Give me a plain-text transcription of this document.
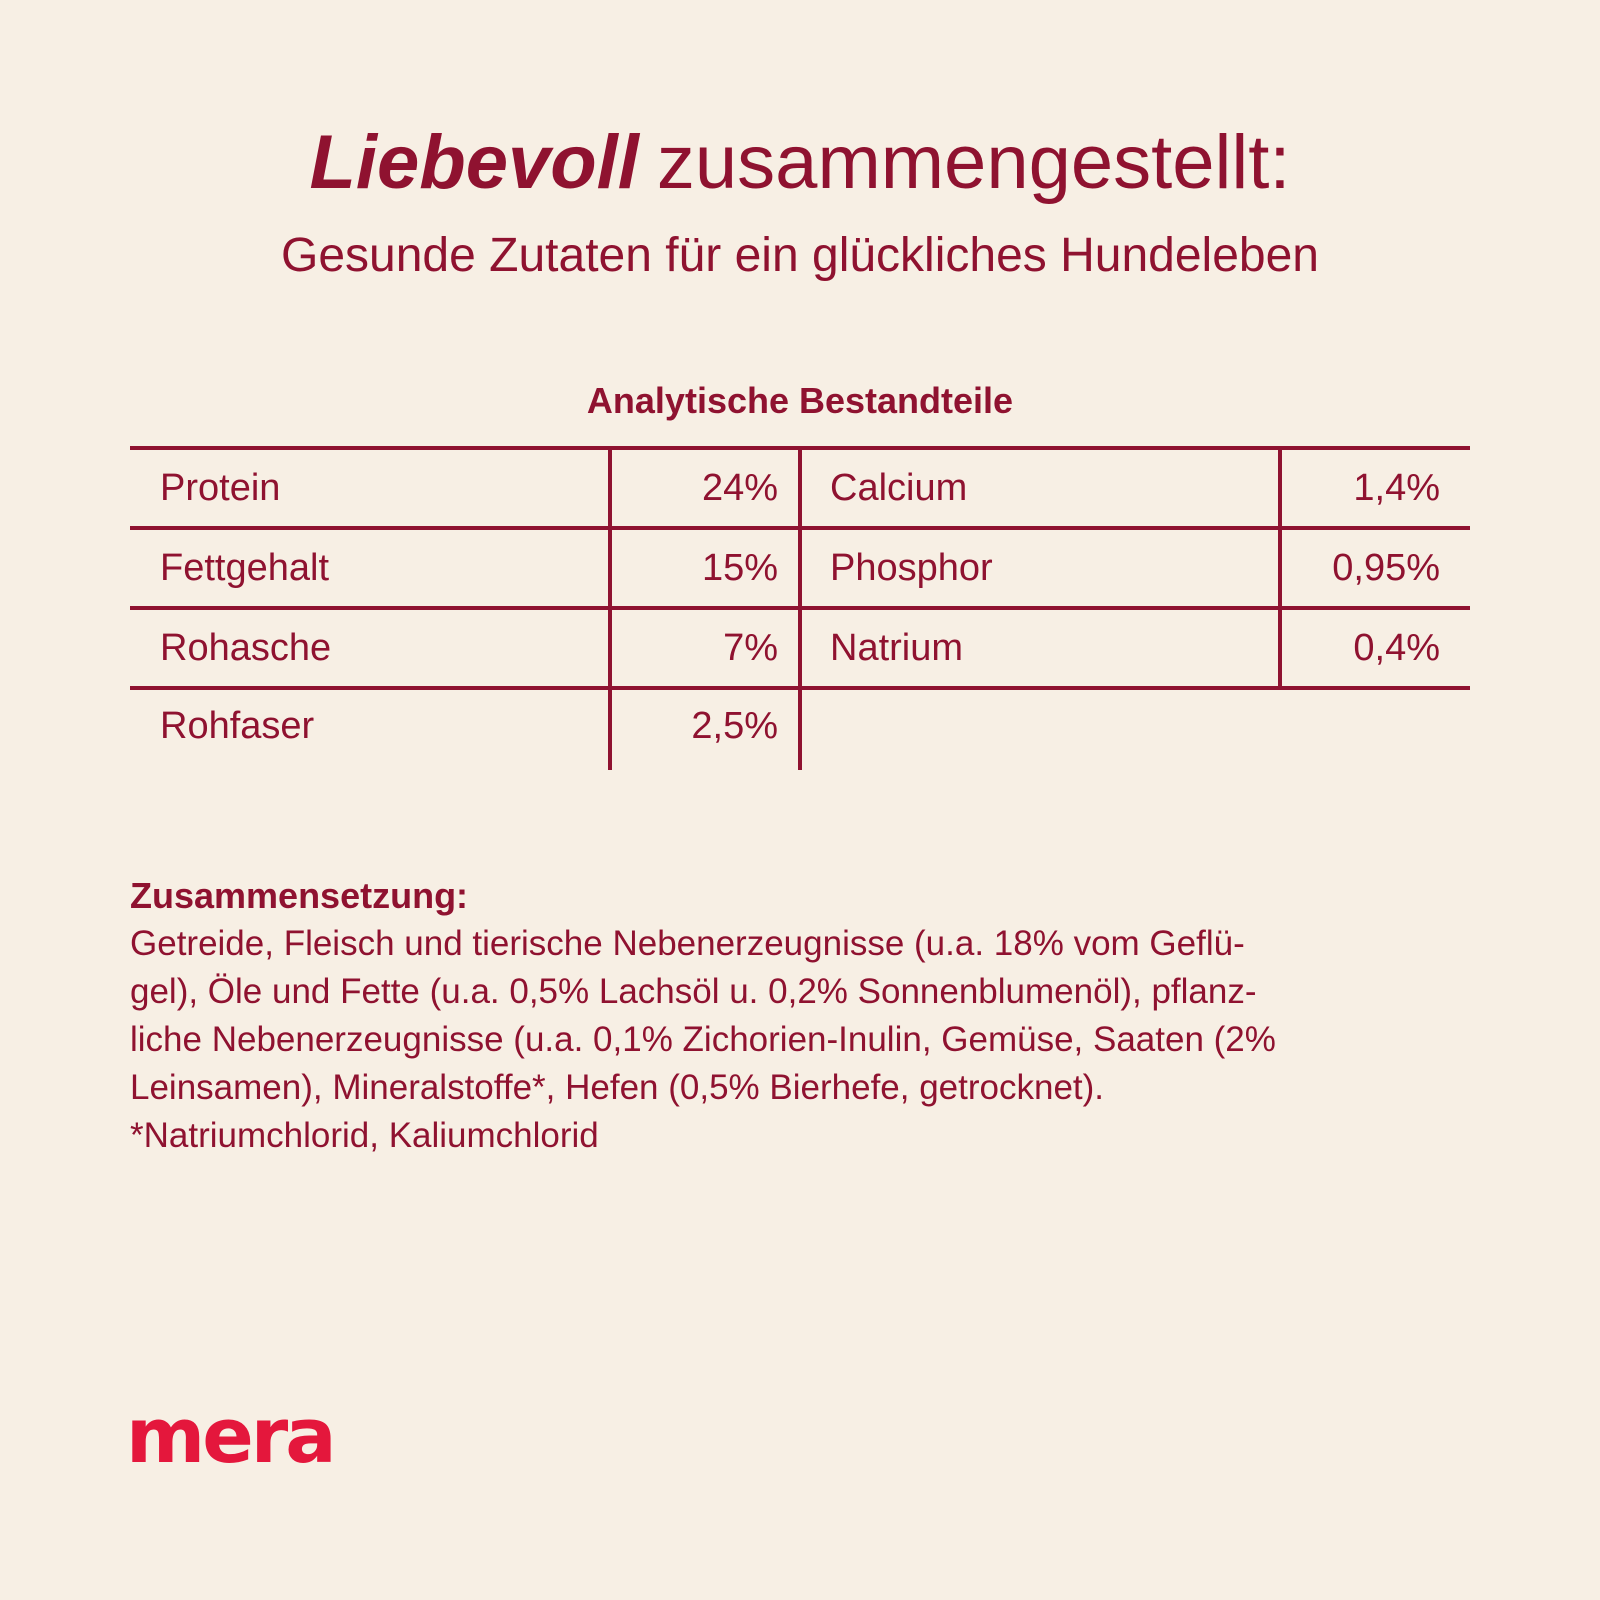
Liebevoll zusammengestellt:
Gesunde Zutaten für ein glückliches Hundeleben
Analytische Bestandteile
Protein	24%
Fettgehalt	15%
Rohasche	7%
Rohfaser	2,5%
Calcium	1,4%
Phosphor	0,95%
Natrium	0,4%
Zusammensetzung:

Getreide, Fleisch und tierische Nebenerzeugnisse (u.a. 18% vom Geflü-

gel), Öle und Fette (u.a. 0,5% Lachsöl u. 0,2% Sonnenblumenöl), pflanz-

liche Nebenerzeugnisse (u.a. 0,1% Zichorien-Inulin, Gemüse, Saaten (2%

Leinsamen), Mineralstoffe*, Hefen (0,5% Bierhefe, getrocknet).

*Natriumchlorid, Kaliumchlorid

mera
